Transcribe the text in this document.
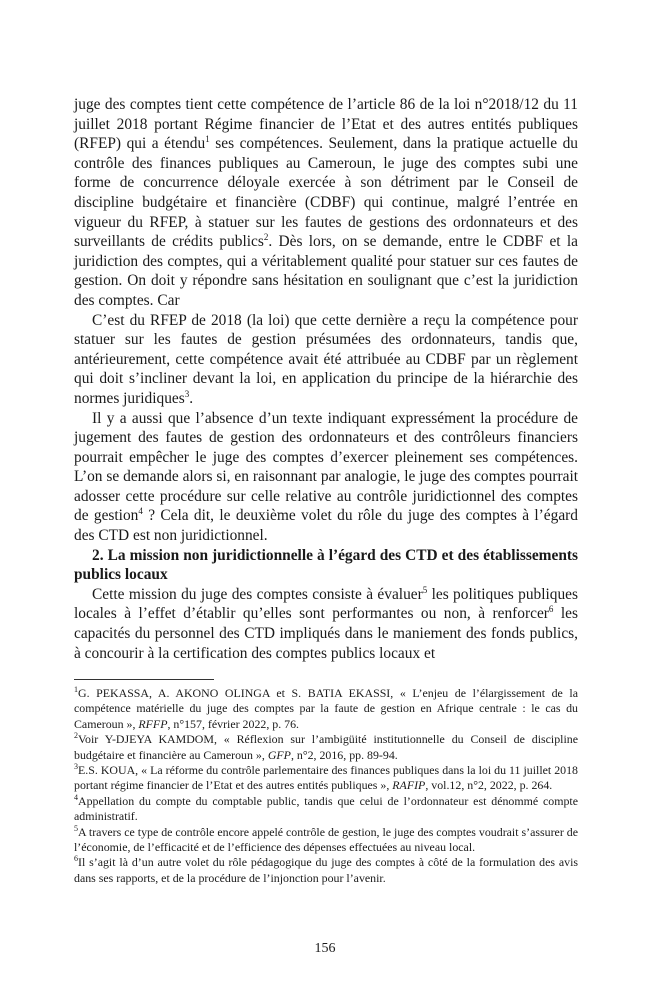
juge des comptes tient cette compétence de l’article 86 de la loi n°2018/12 du 11 juillet 2018 portant Régime financier de l’Etat et des autres entités publiques (RFEP) qui a étendu$^1$ ses compétences. Seulement, dans la pratique actuelle du contrôle des finances publiques au Cameroun, le juge des comptes subi une forme de concurrence déloyale exercée à son détriment par le Conseil de discipline budgétaire et financière (CDBF) qui continue, malgré l’entrée en vigueur du RFEP, à statuer sur les fautes de gestions des ordonnateurs et des surveillants de crédits publics$^2$. Dès lors, on se demande, entre le CDBF et la juridiction des comptes, qui a véritablement qualité pour statuer sur ces fautes de gestion. On doit y répondre sans hésitation en soulignant que c’est la juridiction des comptes. Car

C’est du RFEP de 2018 (la loi) que cette dernière a reçu la compétence pour statuer sur les fautes de gestion présumées des ordonnateurs, tandis que, antérieurement, cette compétence avait été attribuée au CDBF par un règlement qui doit s’incliner devant la loi, en application du principe de la hiérarchie des normes juridiques$^3$.

Il y a aussi que l’absence d’un texte indiquant expressément la procédure de jugement des fautes de gestion des ordonnateurs et des contrôleurs financiers pourrait empêcher le juge des comptes d’exercer pleinement ses compétences. L’on se demande alors si, en raisonnant par analogie, le juge des comptes pourrait adosser cette procédure sur celle relative au contrôle juridictionnel des comptes de gestion$^4$ ? Cela dit, le deuxième volet du rôle du juge des comptes à l’égard des CTD est non juridictionnel.

2. La mission non juridictionnelle à l’égard des CTD et des établissements publics locaux

Cette mission du juge des comptes consiste à évaluer$^5$ les politiques publiques locales à l’effet d’établir qu’elles sont performantes ou non, à renforcer$^6$ les capacités du personnel des CTD impliqués dans le maniement des fonds publics, à concourir à la certification des comptes publics locaux et

$^1$G. PEKASSA, A. AKONO OLINGA et S. BATIA EKASSI, « L’enjeu de l’élargissement de la compétence matérielle du juge des comptes par la faute de gestion en Afrique centrale : le cas du Cameroun », RFFP, n°157, février 2022, p. 76.

$^2$Voir Y-DJEYA KAMDOM, « Réflexion sur l’ambigüité institutionnelle du Conseil de discipline budgétaire et financière au Cameroun », GFP, n°2, 2016, pp. 89-94.

$^3$E.S. KOUA, « La réforme du contrôle parlementaire des finances publiques dans la loi du 11 juillet 2018 portant régime financier de l’Etat et des autres entités publiques », RAFIP, vol.12, n°2, 2022, p. 264.

$^4$Appellation du compte du comptable public, tandis que celui de l’ordonnateur est dénommé compte administratif.

$^5$A travers ce type de contrôle encore appelé contrôle de gestion, le juge des comptes voudrait s’assurer de l’économie, de l’efficacité et de l’efficience des dépenses effectuées au niveau local.

$^6$Il s’agit là d’un autre volet du rôle pédagogique du juge des comptes à côté de la formulation des avis dans ses rapports, et de la procédure de l’injonction pour l’avenir.

156
